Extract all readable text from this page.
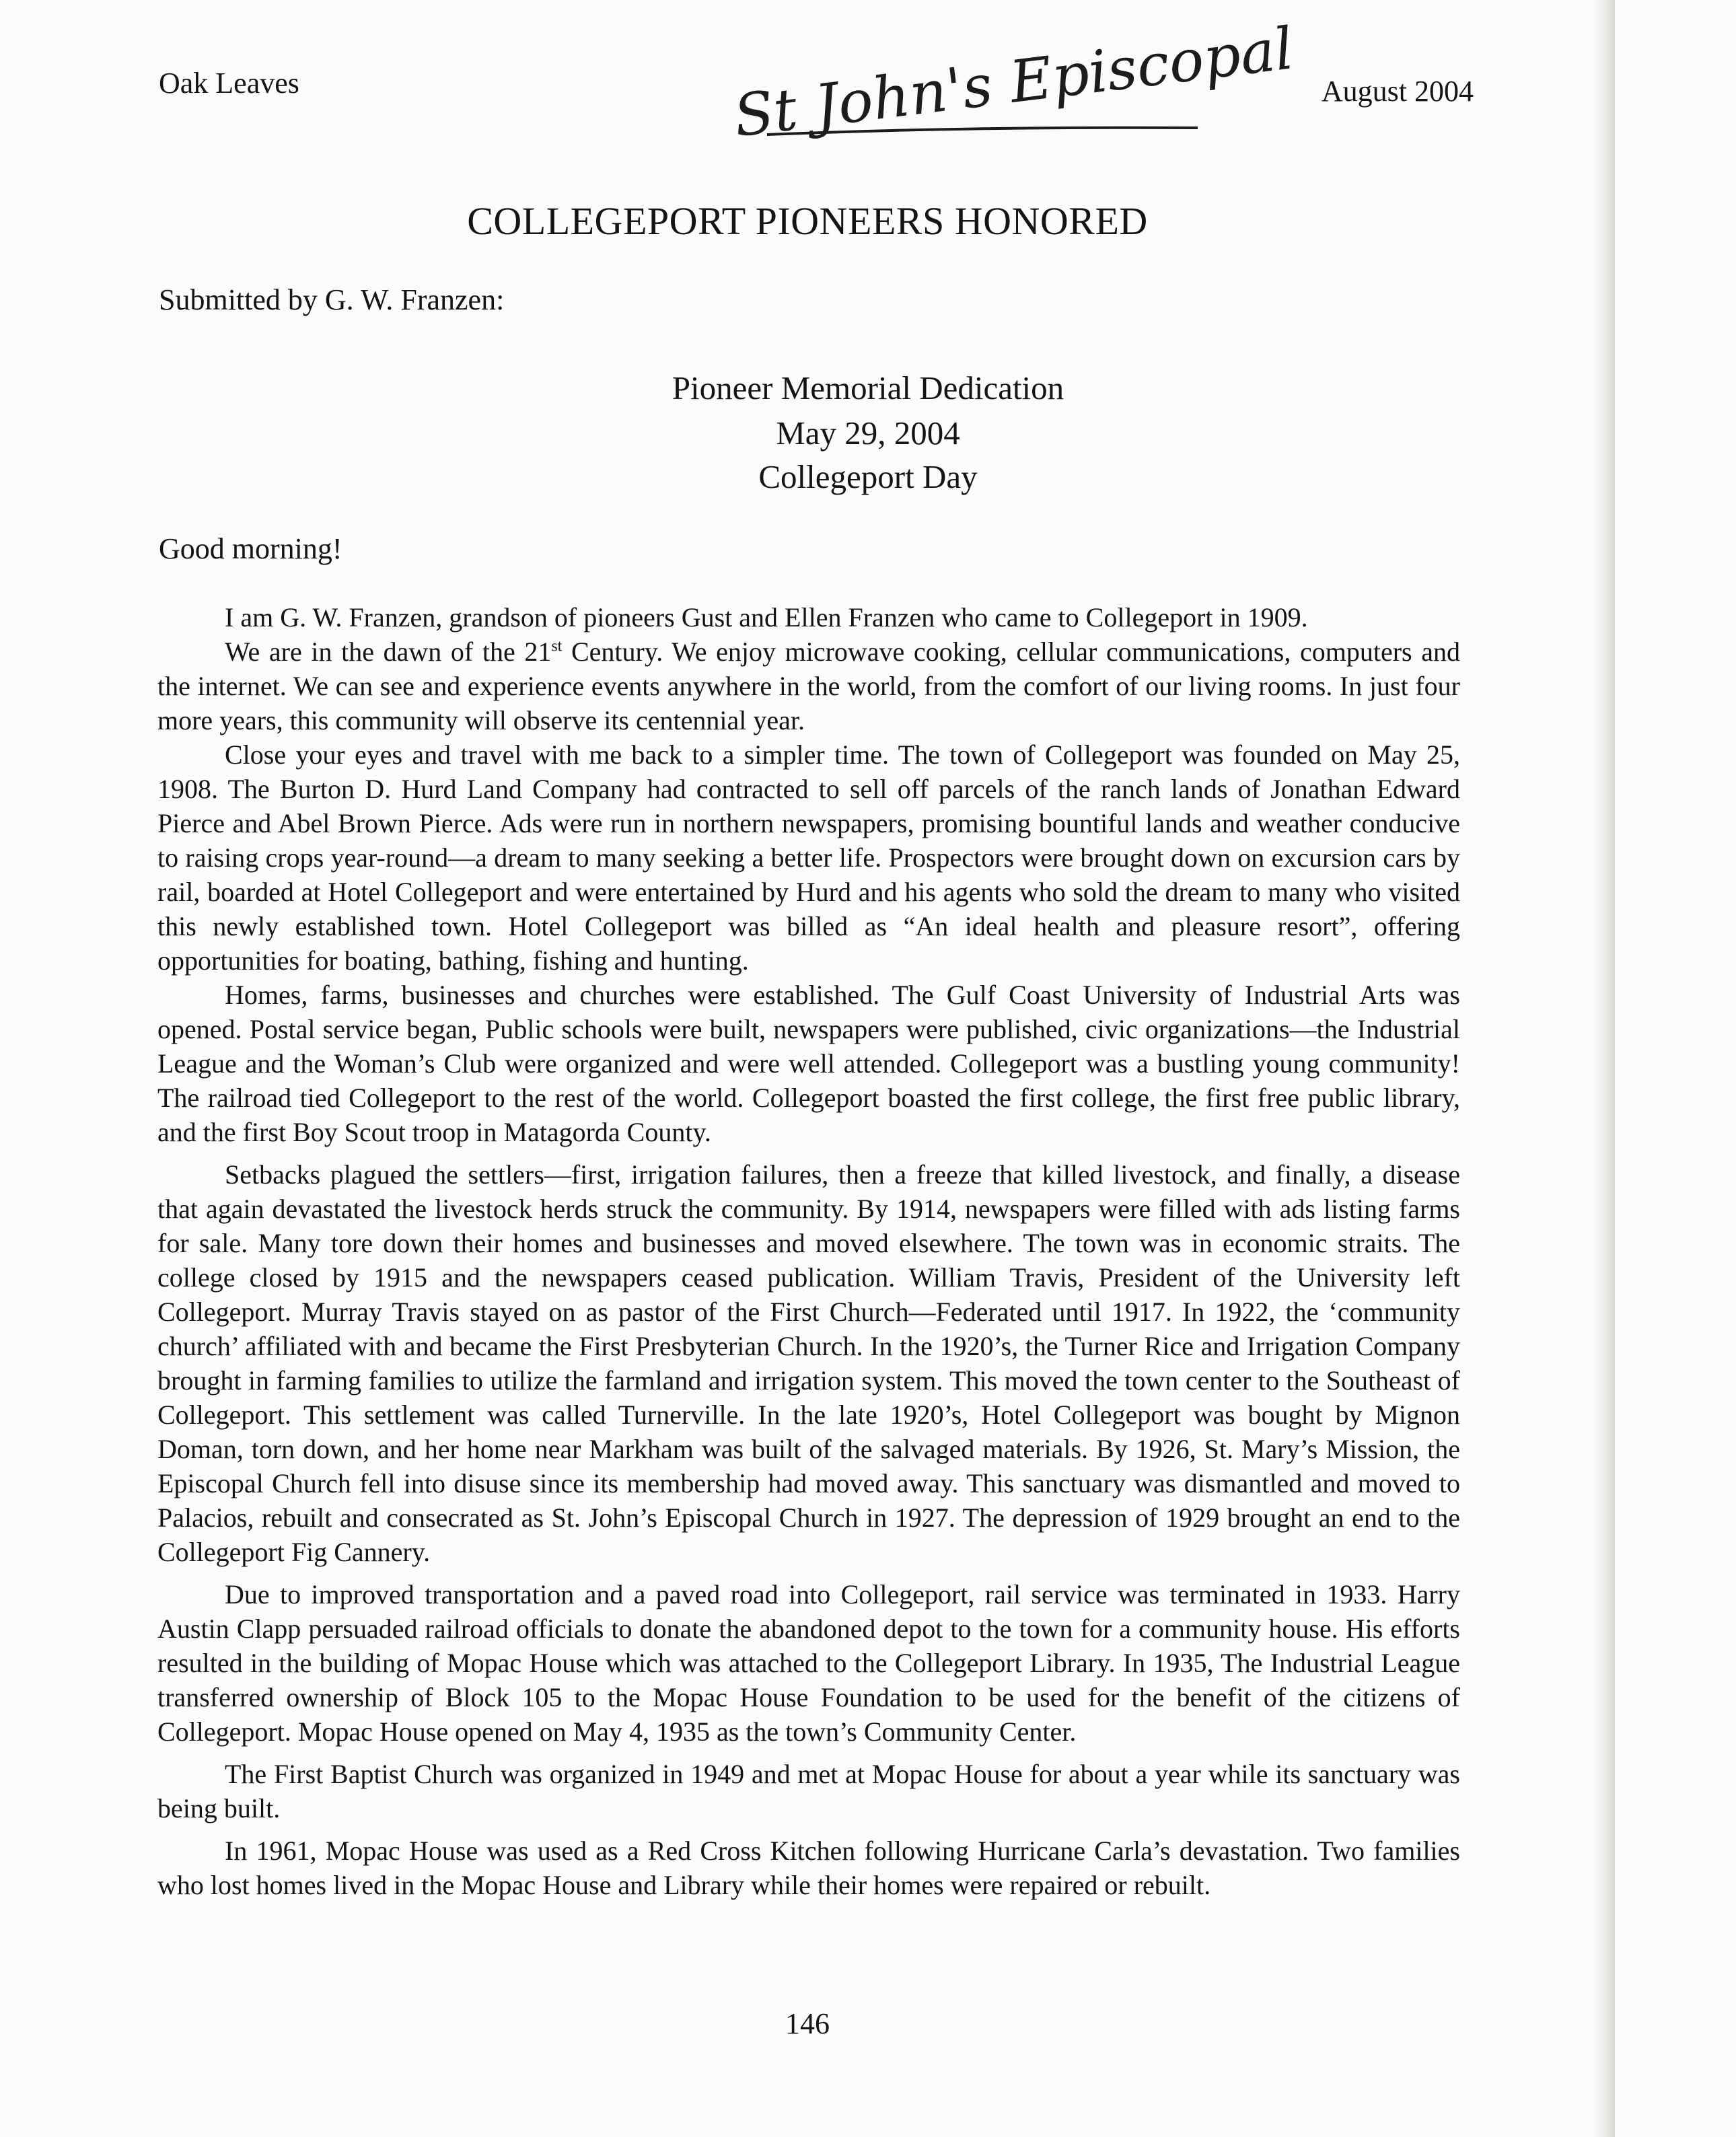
Oak Leaves	August 2004
St John's Episcopal
COLLEGEPORT PIONEERS HONORED
Submitted by G. W. Franzen:
Pioneer Memorial Dedication
May 29, 2004
Collegeport Day
Good morning!

I am G. W. Franzen, grandson of pioneers Gust and Ellen Franzen who came to Collegeport in 1909.

We are in the dawn of the 21st Century. We enjoy microwave cooking, cellular communications, computers and the internet. We can see and experience events anywhere in the world, from the comfort of our living rooms. In just four more years, this community will observe its centennial year.

Close your eyes and travel with me back to a simpler time. The town of Collegeport was founded on May 25, 1908. The Burton D. Hurd Land Company had contracted to sell off parcels of the ranch lands of Jonathan Edward Pierce and Abel Brown Pierce. Ads were run in northern newspapers, promising bountiful lands and weather conducive to raising crops year-round—a dream to many seeking a better life. Prospectors were brought down on excursion cars by rail, boarded at Hotel Collegeport and were entertained by Hurd and his agents who sold the dream to many who visited this newly established town. Hotel Collegeport was billed as “An ideal health and pleasure resort”, offering opportunities for boating, bathing, fishing and hunting.

Homes, farms, businesses and churches were established. The Gulf Coast University of Industrial Arts was opened. Postal service began, Public schools were built, newspapers were published, civic organizations—the Industrial League and the Woman’s Club were organized and were well attended. Collegeport was a bustling young community! The railroad tied Collegeport to the rest of the world. Collegeport boasted the first college, the first free public library, and the first Boy Scout troop in Matagorda County.

Setbacks plagued the settlers—first, irrigation failures, then a freeze that killed livestock, and finally, a disease that again devastated the livestock herds struck the community. By 1914, newspapers were filled with ads listing farms for sale. Many tore down their homes and businesses and moved elsewhere. The town was in economic straits. The college closed by 1915 and the newspapers ceased publication. William Travis, President of the University left Collegeport. Murray Travis stayed on as pastor of the First Church—Federated until 1917. In 1922, the ‘community church’ affiliated with and became the First Presbyterian Church. In the 1920’s, the Turner Rice and Irrigation Company brought in farming families to utilize the farmland and irrigation system. This moved the town center to the Southeast of Collegeport. This settlement was called Turnerville. In the late 1920’s, Hotel Collegeport was bought by Mignon Doman, torn down, and her home near Markham was built of the salvaged materials. By 1926, St. Mary’s Mission, the Episcopal Church fell into disuse since its membership had moved away. This sanctuary was dismantled and moved to Palacios, rebuilt and consecrated as St. John’s Episcopal Church in 1927. The depression of 1929 brought an end to the Collegeport Fig Cannery.

Due to improved transportation and a paved road into Collegeport, rail service was terminated in 1933. Harry Austin Clapp persuaded railroad officials to donate the abandoned depot to the town for a community house. His efforts resulted in the building of Mopac House which was attached to the Collegeport Library. In 1935, The Industrial League transferred ownership of Block 105 to the Mopac House Foundation to be used for the benefit of the citizens of Collegeport. Mopac House opened on May 4, 1935 as the town’s Community Center.

The First Baptist Church was organized in 1949 and met at Mopac House for about a year while its sanctuary was being built.

In 1961, Mopac House was used as a Red Cross Kitchen following Hurricane Carla’s devastation. Two families who lost homes lived in the Mopac House and Library while their homes were repaired or rebuilt.

146
